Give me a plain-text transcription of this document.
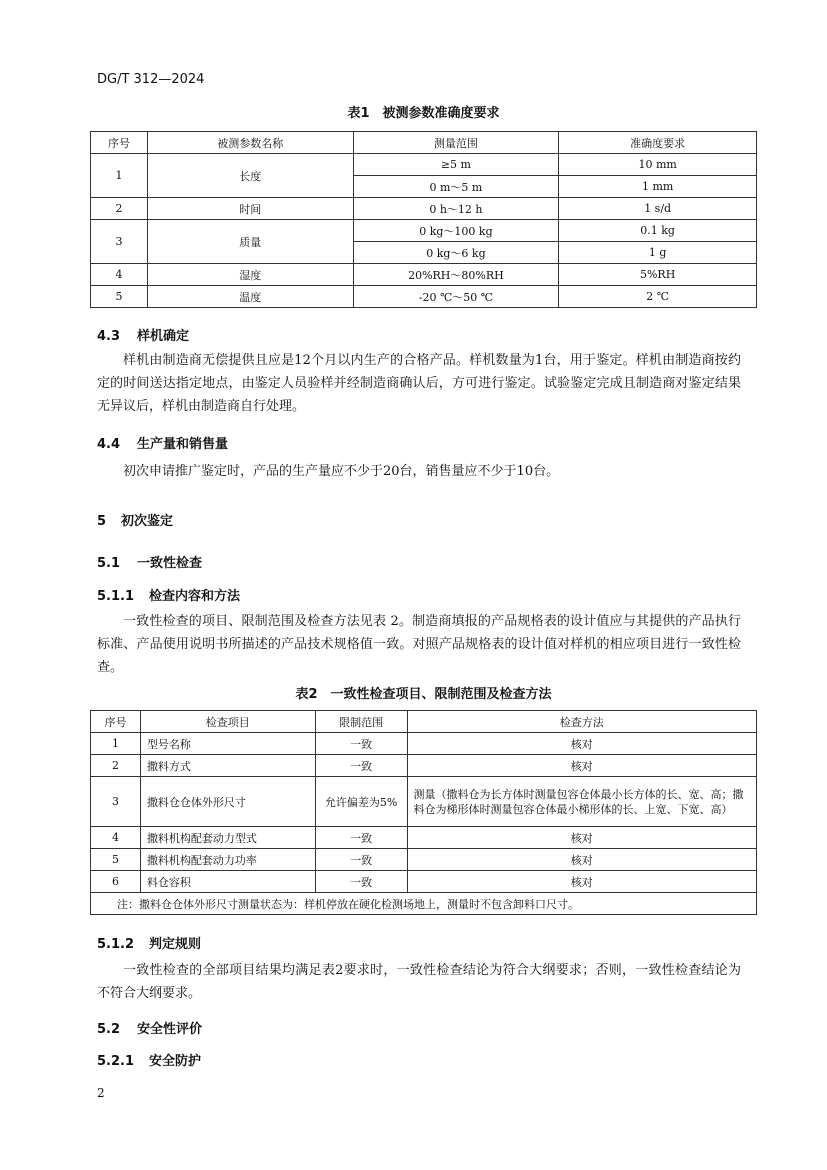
DG/T 312—2024
表1　被测参数准确度要求
序号	被测参数名称	测量范围	准确度要求
1	长度	≥5 m	10 mm
		0 m～5 m	1 mm
2	时间	0 h～12 h	1 s/d
3	质量	0 kg～100 kg	0.1 kg
		0 kg～6 kg	1 g
4	湿度	20%RH～80%RH	5%RH
5	温度	-20 ℃～50 ℃	2 ℃
4.3 样机确定
样机由制造商无偿提供且应是12个月以内生产的合格产品。样机数量为1台，用于鉴定。样机由制造商按约定的时间送达指定地点，由鉴定人员验样并经制造商确认后，方可进行鉴定。试验鉴定完成且制造商对鉴定结果无异议后，样机由制造商自行处理。
4.4 生产量和销售量
初次申请推广鉴定时，产品的生产量应不少于20台，销售量应不少于10台。
5 初次鉴定
5.1 一致性检查
5.1.1 检查内容和方法
一致性检查的项目、限制范围及检查方法见表 2。制造商填报的产品规格表的设计值应与其提供的产品执行标准、产品使用说明书所描述的产品技术规格值一致。对照产品规格表的设计值对样机的相应项目进行一致性检查。
表2　一致性检查项目、限制范围及检查方法
序号	检查项目	限制范围	检查方法
1	型号名称	一致	核对
2	撒料方式	一致	核对
3	撒料仓仓体外形尺寸	允许偏差为5%	测量（撒料仓为长方体时测量包容仓体最小长方体的长、宽、高；撒料仓为梯形体时测量包容仓体最小梯形体的长、上宽、下宽、高）
4	撒料机构配套动力型式	一致	核对
5	撒料机构配套动力功率	一致	核对
6	料仓容积	一致	核对
注：撒料仓仓体外形尺寸测量状态为：样机停放在硬化检测场地上，测量时不包含卸料口尺寸。			
5.1.2 判定规则
一致性检查的全部项目结果均满足表2要求时，一致性检查结论为符合大纲要求；否则，一致性检查结论为不符合大纲要求。
5.2 安全性评价
5.2.1 安全防护
2
